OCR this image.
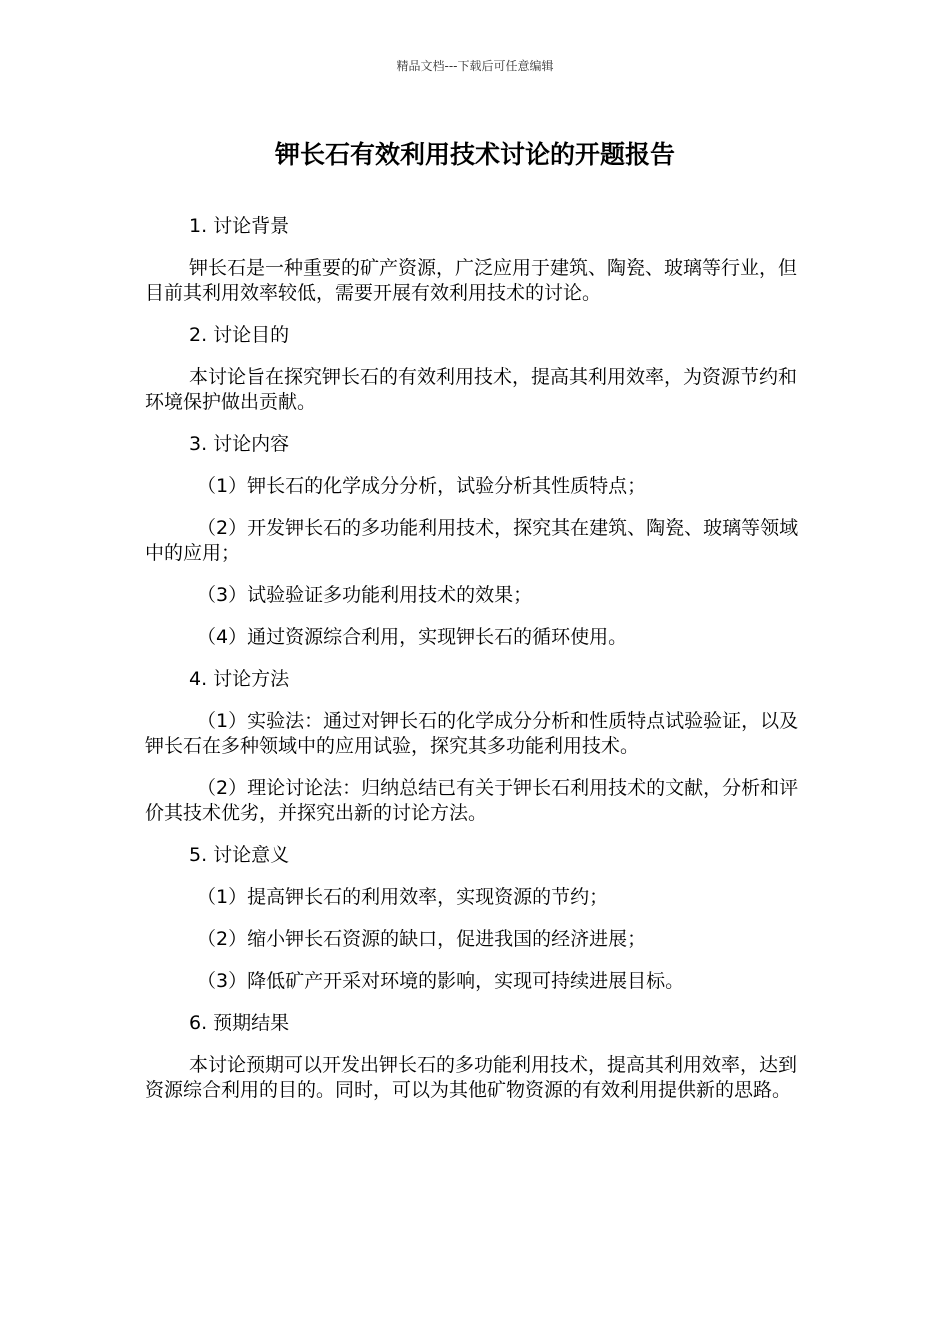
精品文档---下载后可任意编辑
钾长石有效利用技术讨论的开题报告

1. 讨论背景

钾长石是一种重要的矿产资源，广泛应用于建筑、陶瓷、玻璃等行业，但目前其利用效率较低，需要开展有效利用技术的讨论。

2. 讨论目的

本讨论旨在探究钾长石的有效利用技术，提高其利用效率，为资源节约和环境保护做出贡献。

3. 讨论内容

（1）钾长石的化学成分分析，试验分析其性质特点；

（2）开发钾长石的多功能利用技术，探究其在建筑、陶瓷、玻璃等领域中的应用；

（3）试验验证多功能利用技术的效果；

（4）通过资源综合利用，实现钾长石的循环使用。

4. 讨论方法

（1）实验法：通过对钾长石的化学成分分析和性质特点试验验证，以及钾长石在多种领域中的应用试验，探究其多功能利用技术。

（2）理论讨论法：归纳总结已有关于钾长石利用技术的文献，分析和评价其技术优劣，并探究出新的讨论方法。

5. 讨论意义

（1）提高钾长石的利用效率，实现资源的节约；

（2）缩小钾长石资源的缺口，促进我国的经济进展；

（3）降低矿产开采对环境的影响，实现可持续进展目标。

6. 预期结果

本讨论预期可以开发出钾长石的多功能利用技术，提高其利用效率，达到资源综合利用的目的。同时，可以为其他矿物资源的有效利用提供新的思路。
